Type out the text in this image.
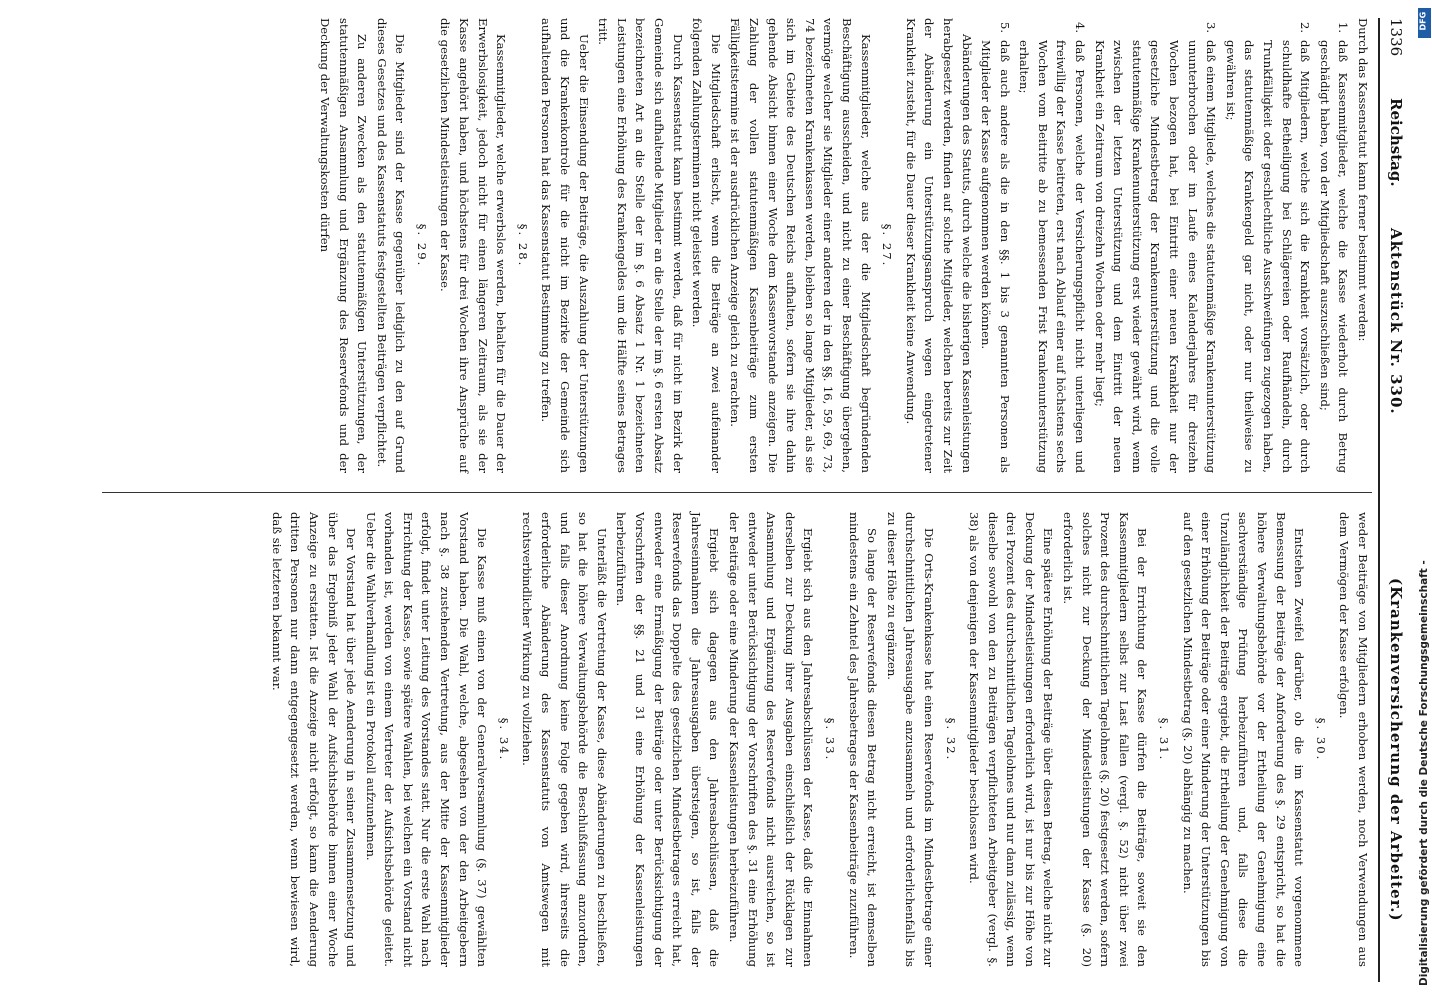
1336
Reichstag.
Aktenstück Nr. 330.
(Krankenversicherung der Arbeiter.)

Durch das Kassenstatut kann ferner bestimmt werden:

1.
daß Kassenmitglieder, welche die Kasse wiederholt durch Betrug geschädigt haben, von der Mitgliedschaft auszuschließen sind;

2.
daß Mitgliedern, welche sich die Krankheit vorsätzlich, oder durch schuldhafte Betheiligung bei Schlägereien oder Raufhändeln, durch Trunkfälligkeit oder geschlechtliche Ausschweifungen zugezogen haben, das statutenmäßige Krankengeld gar nicht, oder nur theilweise zu gewähren ist;

3.
daß einem Mitgliede, welches die statutenmäßige Krankenunterstützung ununterbrochen oder im Laufe eines Kalenderjahres für dreizehn Wochen bezogen hat, bei Eintritt einer neuen Krankheit nur der gesetzliche Mindestbetrag der Krankenunterstützung und die volle statutenmäßige Krankenunterstützung erst wieder gewährt wird, wenn zwischen der letzten Unterstützung und dem Eintritt der neuen Krankheit ein Zeitraum von dreizehn Wochen oder mehr liegt;

4.
daß Personen, welche der Versicherungspflicht nicht unterliegen und freiwillig der Kasse beitreten, erst nach Ablauf einer auf höchstens sechs Wochen vom Beitritte ab zu bemessenden Frist Krankenunterstützung erhalten;

5.
daß auch andere als die in den §§. 1 bis 3 genannten Personen als Mitglieder der Kasse aufgenommen werden können.

Abänderungen des Statuts, durch welche die bisherigen Kassenleistungen herabgesetzt werden, finden auf solche Mitglieder, welchen bereits zur Zeit der Abänderung ein Unterstützungsanspruch wegen eingetretener Krankheit zusteht, für die Dauer dieser Krankheit keine Anwendung.

§. 27.

Kassenmitglieder, welche aus der die Mitgliedschaft begründenden Beschäftigung ausscheiden, und nicht zu einer Beschäftigung übergehen, vermöge welcher sie Mitglieder einer anderen der in den §§. 16, 59, 69, 73, 74 bezeichneten Krankenkassen werden, bleiben so lange Mitglieder, als sie sich im Gebiete des Deutschen Reichs aufhalten, sofern sie ihre dahin gehende Absicht binnen einer Woche dem Kassenvorstande anzeigen. Die Zahlung der vollen statutenmäßigen Kassenbeiträge zum ersten Fälligkeitstermine ist der ausdrücklichen Anzeige gleich zu erachten.

Die Mitgliedschaft erlischt, wenn die Beiträge an zwei aufeinander folgenden Zahlungsterminen nicht geleistet werden.

Durch Kassenstatut kann bestimmt werden, daß für nicht im Bezirk der Gemeinde sich aufhaltende Mitglieder an die Stelle der im §. 6 ersten Absatz bezeichneten Art an die Stelle der im §. 6 Absatz 1 Nr. 1 bezeichneten Leistungen eine Erhöhung des Krankengeldes um die Hälfte seines Betrages tritt.

Ueber die Einsendung der Beiträge, die Auszahlung der Unterstützungen und die Krankenkontrole für die nicht im Bezirke der Gemeinde sich aufhaltenden Personen hat das Kassenstatut Bestimmung zu treffen.

§. 28.

Kassenmitglieder, welche erwerbslos werden, behalten für die Dauer der Erwerbslosigkeit, jedoch nicht für einen längeren Zeitraum, als sie der Kasse angehört haben, und höchstens für drei Wochen ihre Ansprüche auf die gesetzlichen Mindestleistungen der Kasse.

§. 29.

Die Mitglieder sind der Kasse gegenüber lediglich zu den auf Grund dieses Gesetzes und des Kassenstatuts festgestellten Beiträgen verpflichtet.

Zu anderen Zwecken als den statutenmäßigen Unterstützungen, der statutenmäßigen Ansammlung und Ergänzung des Reservefonds und der Deckung der Verwaltungskosten dürfen

weder Beiträge von Mitgliedern erhoben werden, noch Verwendungen aus dem Vermögen der Kasse erfolgen.

§. 30.

Entstehen Zweifel darüber, ob die im Kassenstatut vorgenommene Bemessung der Beiträge der Anforderung des §. 29 entspricht, so hat die höhere Verwaltungsbehörde vor der Ertheilung der Genehmigung eine sachverständige Prüfung herbeizuführen und, falls diese die Unzulänglichkeit der Beiträge ergiebt, die Ertheilung der Genehmigung von einer Erhöhung der Beiträge oder einer Minderung der Unterstützungen bis auf den gesetzlichen Mindestbetrag (§. 20) abhängig zu machen.

§. 31.

Bei der Errichtung der Kasse dürfen die Beiträge, soweit sie den Kassenmitgliedern selbst zur Last fallen (vergl. §. 52) nicht über zwei Prozent des durchschnittlichen Tagelohnes (§. 20) festgesetzt werden, sofern solches nicht zur Deckung der Mindestleistungen der Kasse (§. 20) erforderlich ist.

Eine spätere Erhöhung der Beiträge über diesen Betrag, welche nicht zur Deckung der Mindestleistungen erforderlich wird, ist nur bis zur Höhe von drei Prozent des durchschnittlichen Tagelohnes und nur dann zulässig, wenn dieselbe sowohl von den zu Beiträgen verpflichteten Arbeitgeber (vergl. §. 38) als von denjenigen der Kassenmitglieder beschlossen wird.

§. 32.

Die Orts-Krankenkasse hat einen Reservefonds im Mindestbetrage einer durchschnittlichen Jahresausgabe anzusammeln und erforderlichenfalls bis zu dieser Höhe zu ergänzen.

So lange der Reservefonds diesen Betrag nicht erreicht, ist demselben mindestens ein Zehntel des Jahresbetrages der Kassenbeiträge zuzuführen.

§. 33.

Ergiebt sich aus den Jahresabschlüssen der Kasse, daß die Einnahmen derselben zur Deckung ihrer Ausgaben einschließlich der Rücklagen zur Ansammlung und Ergänzung des Reservefonds nicht ausreichen, so ist entweder unter Berücksichtigung der Vorschriften des §. 31 eine Erhöhung der Beiträge oder eine Minderung der Kassenleistungen herbeizuführen.

Ergiebt sich dagegen aus den Jahresabschlüssen, daß die Jahreseinnahmen die Jahresausgaben übersteigen, so ist, falls der Reservefonds das Doppelte des gesetzlichen Mindestbetrages erreicht hat, entweder eine Ermäßigung der Beiträge oder unter Berücksichtigung der Vorschriften der §§. 21 und 31 eine Erhöhung der Kassenleistungen herbeizuführen.

Unterläßt die Vertretung der Kasse, diese Abänderungen zu beschließen, so hat die höhere Verwaltungsbehörde die Beschlußfassung anzuordnen, und falls dieser Anordnung keine Folge gegeben wird, ihrerseits die erforderliche Abänderung des Kassenstatuts von Amtswegen mit rechtsverbindlicher Wirkung zu vollziehen.

§. 34.

Die Kasse muß einen von der Generalversammlung (§. 37) gewählten Vorstand haben. Die Wahl, welche, abgesehen von der den Arbeitgebern nach §. 38 zustehenden Vertretung, aus der Mitte der Kassenmitglieder erfolgt, findet unter Leitung des Vorstandes statt. Nur die erste Wahl nach Errichtung der Kasse, sowie spätere Wahlen, bei welchen ein Vorstand nicht vorhanden ist, werden von einem Vertreter der Aufsichtsbehörde geleitet. Ueber die Wahlverhandlung ist ein Protokoll aufzunehmen.

Der Vorstand hat über jede Aenderung in seiner Zusammensetzung und über das Ergebniß jeder Wahl der Aufsichtsbehörde binnen einer Woche Anzeige zu erstatten. Ist die Anzeige nicht erfolgt, so kann die Aenderung dritten Personen nur dann entgegengesetzt werden, wenn bewiesen wird, daß sie letzteren bekannt war.	Digitalisierung gefördert durch die Deutsche Forschungsgemeinschaft -
DFG
